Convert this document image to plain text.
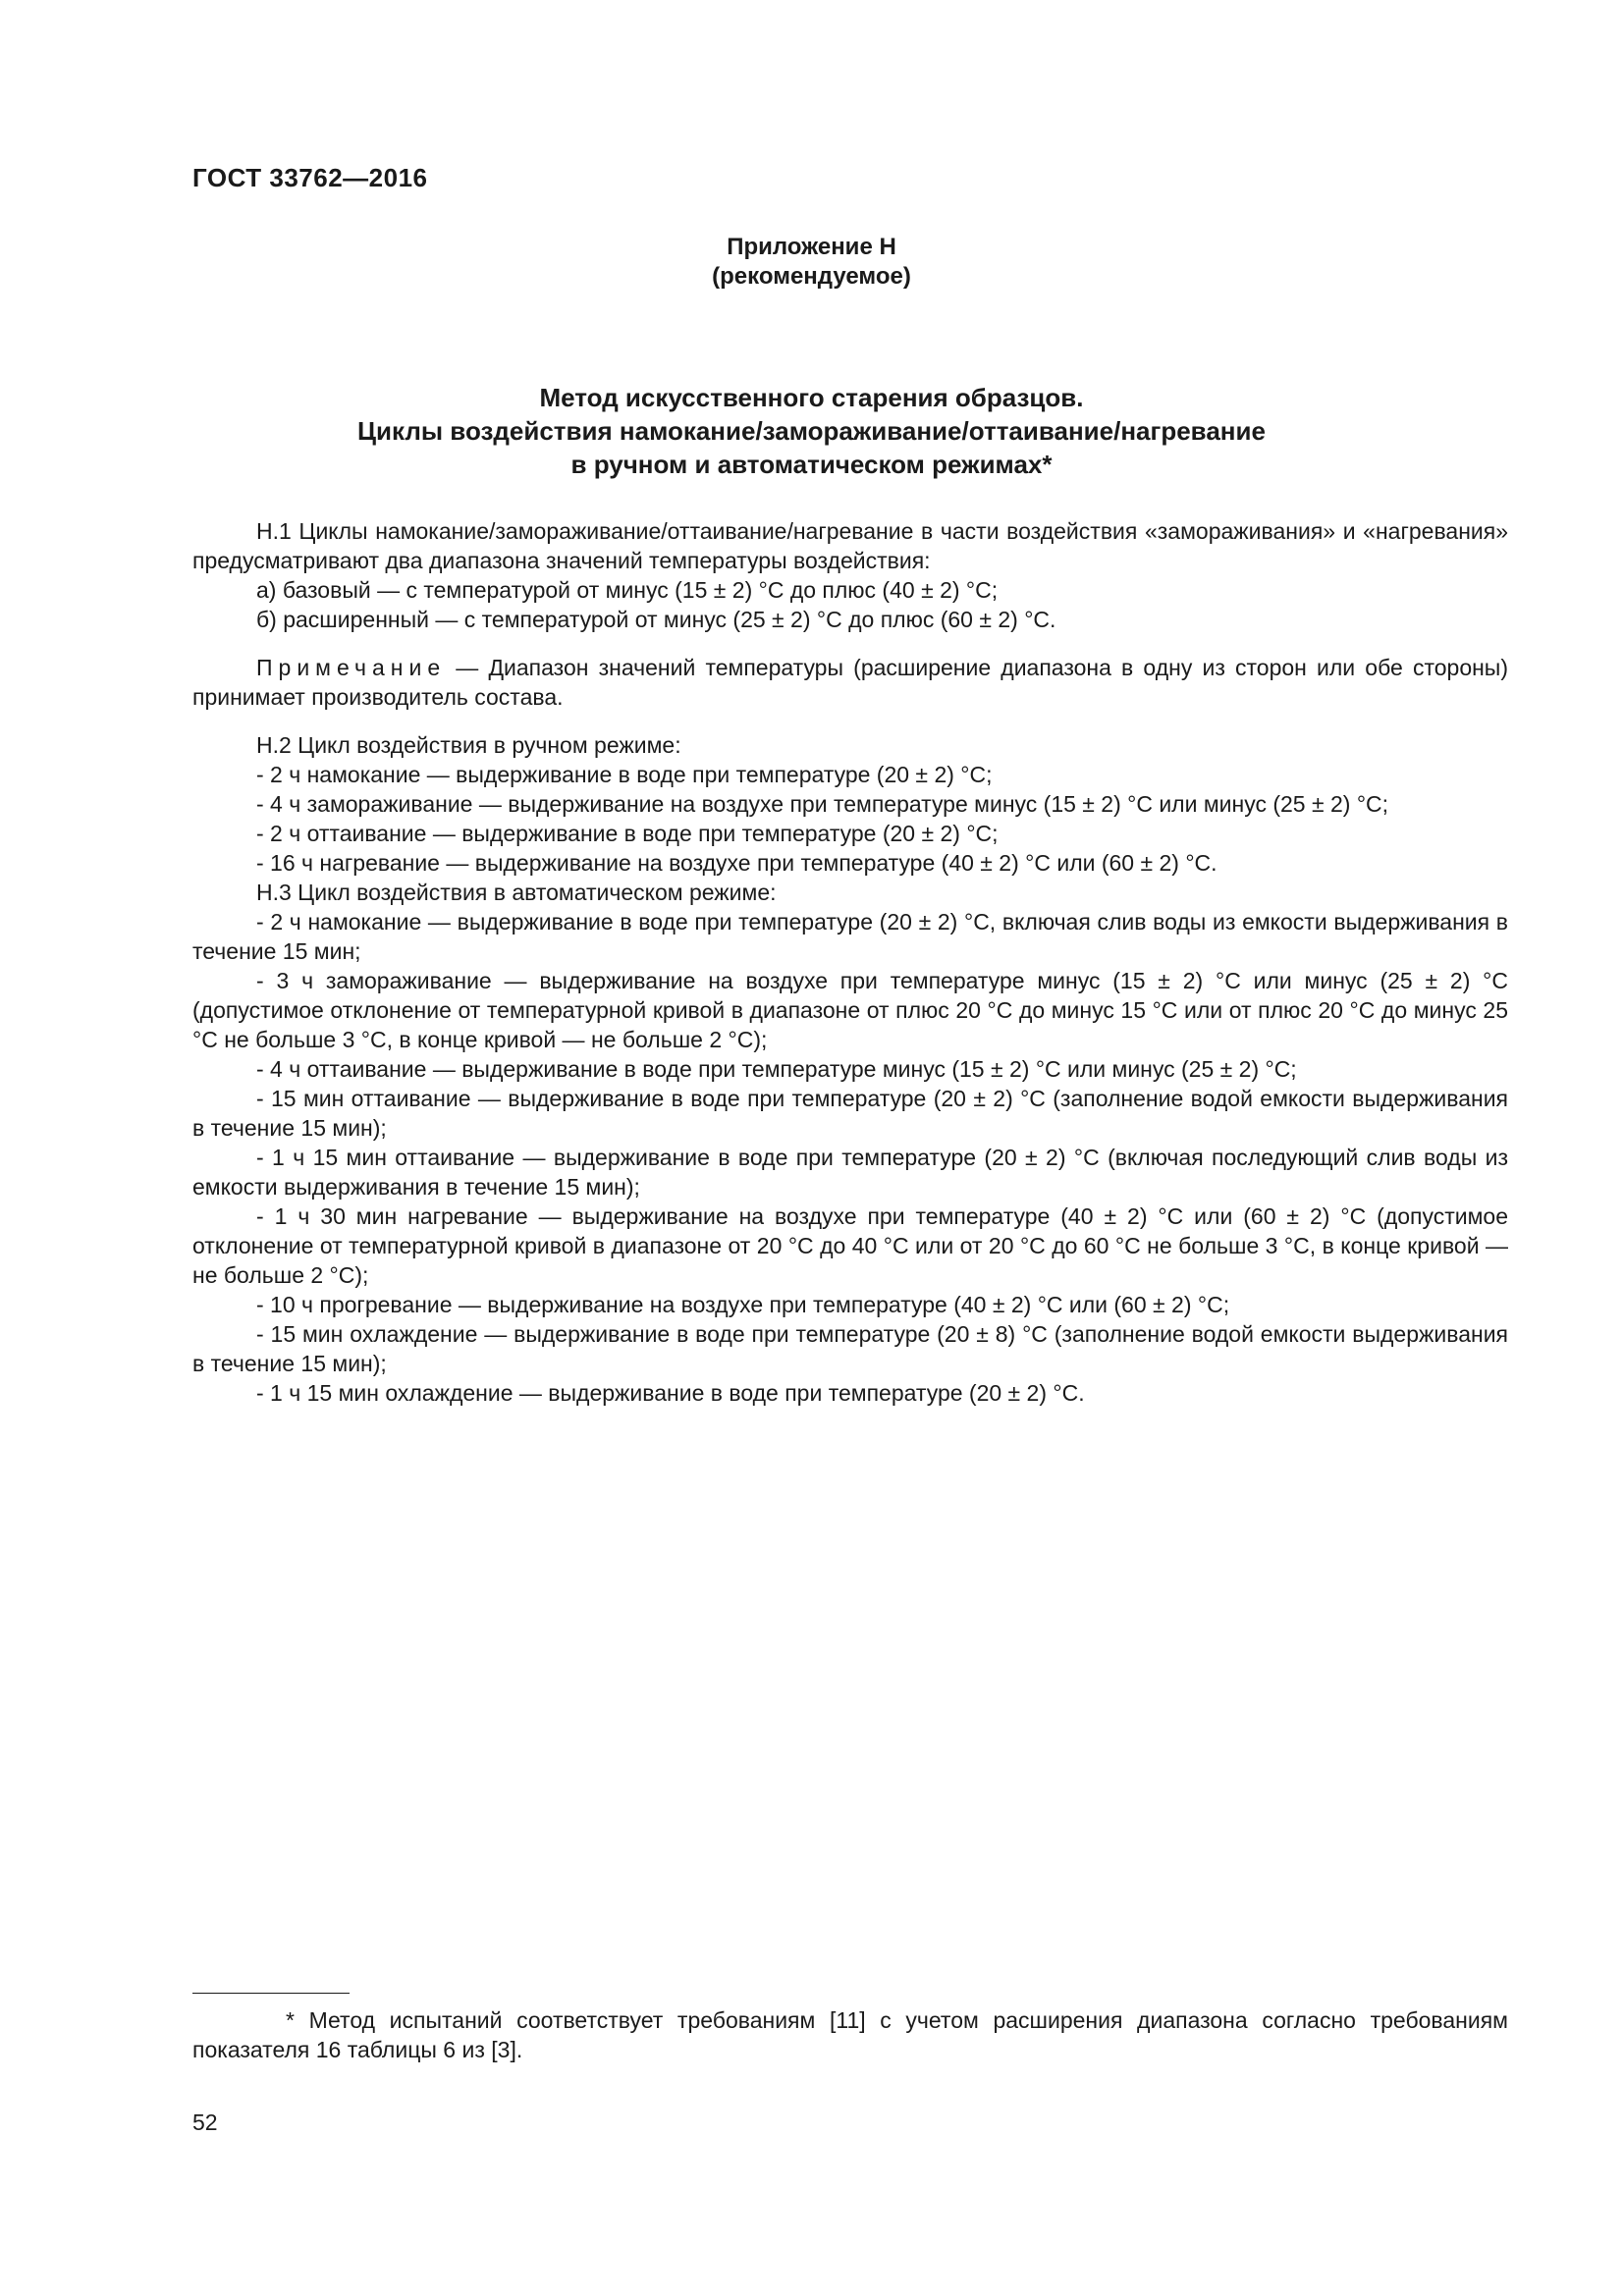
ГОСТ 33762—2016
Приложение Н
(рекомендуемое)
Метод искусственного старения образцов.
Циклы воздействия намокание/замораживание/оттаивание/нагревание
в ручном и автоматическом режимах*

Н.1 Циклы намокание/замораживание/оттаивание/нагревание в части воздействия «замораживания» и «нагревания» предусматривают два диапазона значений температуры воздействия:

а) базовый — с температурой от минус (15 ± 2) °C до плюс (40 ± 2) °C;

б) расширенный — с температурой от минус (25 ± 2) °C до плюс (60 ± 2) °C.

Примечание — Диапазон значений температуры (расширение диапазона в одну из сторон или обе стороны) принимает производитель состава.

Н.2 Цикл воздействия в ручном режиме:

- 2 ч намокание — выдерживание в воде при температуре (20 ± 2) °C;

- 4 ч замораживание — выдерживание на воздухе при температуре минус (15 ± 2) °C или минус (25 ± 2) °C;

- 2 ч оттаивание — выдерживание в воде при температуре (20 ± 2) °C;

- 16 ч нагревание — выдерживание на воздухе при температуре (40 ± 2) °C или (60 ± 2) °C.

Н.3 Цикл воздействия в автоматическом режиме:

- 2 ч намокание — выдерживание в воде при температуре (20 ± 2) °C, включая слив воды из емкости выдерживания в течение 15 мин;

- 3 ч замораживание — выдерживание на воздухе при температуре минус (15 ± 2) °C или минус (25 ± 2) °C (допустимое отклонение от температурной кривой в диапазоне от плюс 20 °C до минус 15 °C или от плюс 20 °C до минус 25 °C не больше 3 °C, в конце кривой — не больше 2 °C);

- 4 ч оттаивание — выдерживание в воде при температуре минус (15 ± 2) °C или минус (25 ± 2) °C;

- 15 мин оттаивание — выдерживание в воде при температуре (20 ± 2) °C (заполнение водой емкости выдерживания в течение 15 мин);

- 1 ч 15 мин оттаивание — выдерживание в воде при температуре (20 ± 2) °C (включая последующий слив воды из емкости выдерживания в течение 15 мин);

- 1 ч 30 мин нагревание — выдерживание на воздухе при температуре (40 ± 2) °C или (60 ± 2) °C (допустимое отклонение от температурной кривой в диапазоне от 20 °C до 40 °C или от 20 °C до 60 °C не больше 3 °C, в конце кривой — не больше 2 °C);

- 10 ч прогревание — выдерживание на воздухе при температуре (40 ± 2) °C или (60 ± 2) °C;

- 15 мин охлаждение — выдерживание в воде при температуре (20 ± 8) °C (заполнение водой емкости выдерживания в течение 15 мин);

- 1 ч 15 мин охлаждение — выдерживание в воде при температуре (20 ± 2) °C.

* Метод испытаний соответствует требованиям [11] с учетом расширения диапазона согласно требованиям показателя 16 таблицы 6 из [3].
52
